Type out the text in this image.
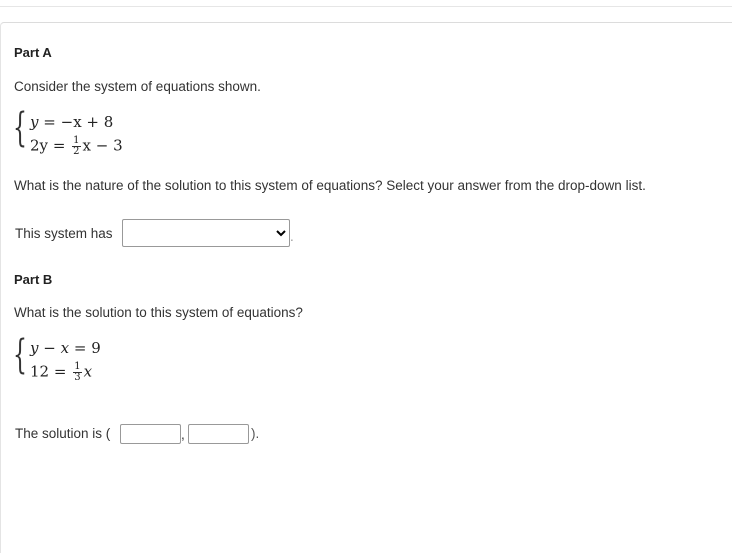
Part A
Consider the system of equations shown.
{ y = −x + 8
$2y = \frac{1}{2}$ x − 3
What is the nature of the solution to this system of equations? Select your answer from the drop-down list.
This system has	.
Part B
What is the solution to this system of equations?
{ y − x = 9
$12 = \frac{1}{3}$ x
The solution is (	,	).
